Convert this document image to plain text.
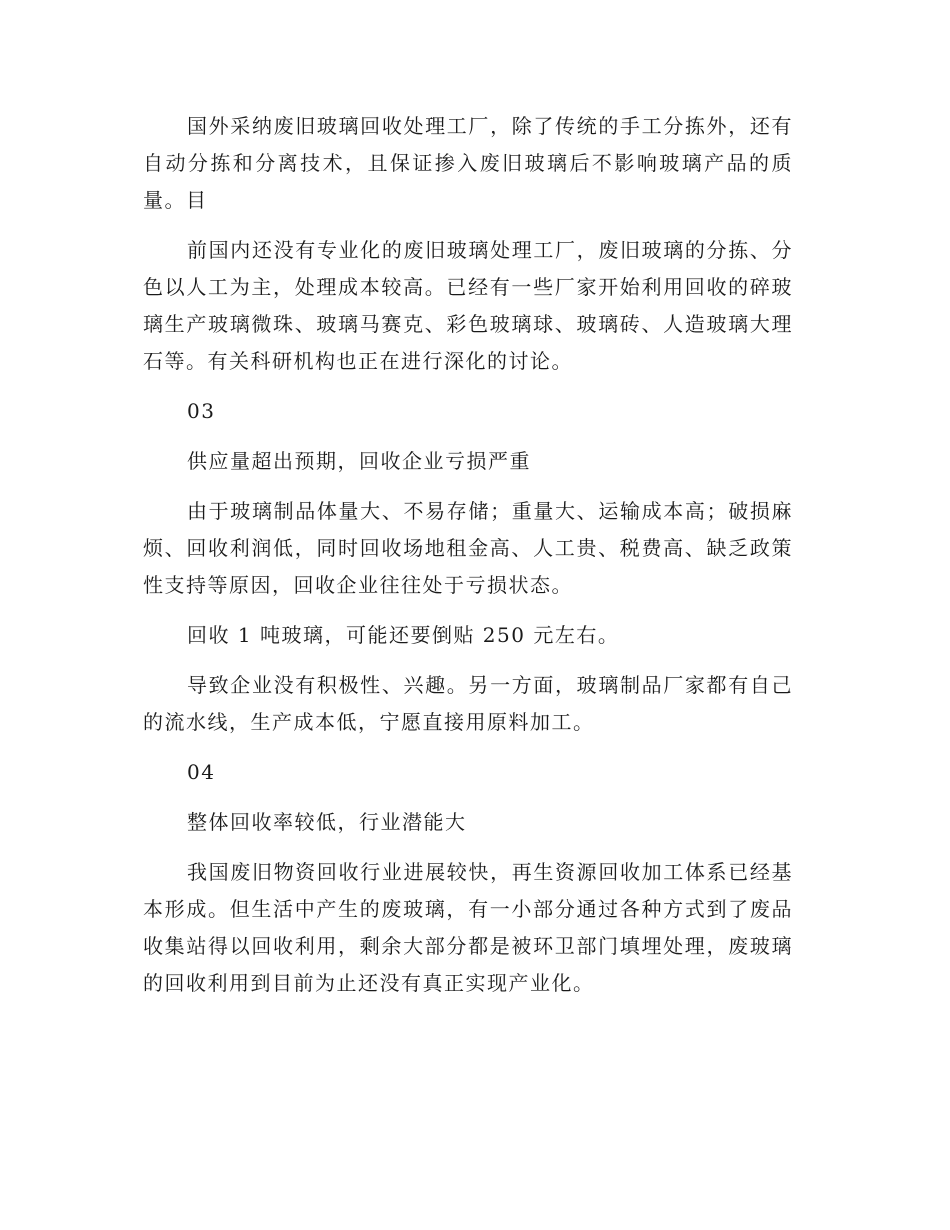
国外采纳废旧玻璃回收处理工厂，除了传统的手工分拣外，还有自动分拣和分离技术，且保证掺入废旧玻璃后不影响玻璃产品的质量。目

前国内还没有专业化的废旧玻璃处理工厂，废旧玻璃的分拣、分色以人工为主，处理成本较高。已经有一些厂家开始利用回收的碎玻璃生产玻璃微珠、玻璃马赛克、彩色玻璃球、玻璃砖、人造玻璃大理石等。有关科研机构也正在进行深化的讨论。

03

供应量超出预期，回收企业亏损严重

由于玻璃制品体量大、不易存储；重量大、运输成本高；破损麻烦、回收利润低，同时回收场地租金高、人工贵、税费高、缺乏政策性支持等原因，回收企业往往处于亏损状态。

回收 1 吨玻璃，可能还要倒贴 250 元左右。

导致企业没有积极性、兴趣。另一方面，玻璃制品厂家都有自己的流水线，生产成本低，宁愿直接用原料加工。

04

整体回收率较低，行业潜能大

我国废旧物资回收行业进展较快，再生资源回收加工体系已经基本形成。但生活中产生的废玻璃，有一小部分通过各种方式到了废品收集站得以回收利用，剩余大部分都是被环卫部门填埋处理，废玻璃的回收利用到目前为止还没有真正实现产业化。
